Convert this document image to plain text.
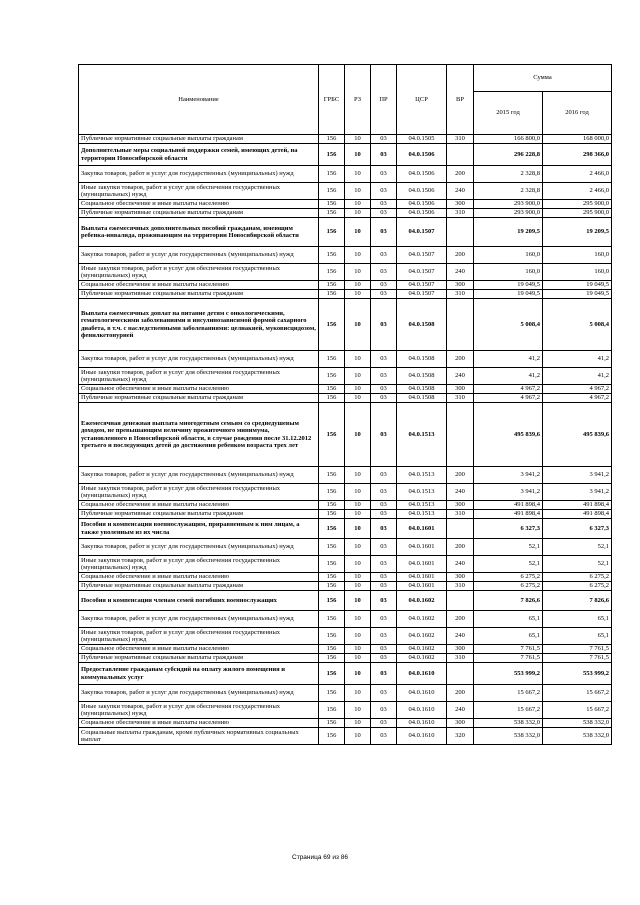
Наименование	ГРБС	РЗ	ПР	ЦСР	ВР	Сумма	
						2015 год	2016 год
Публичные нормативные социальные выплаты гражданам	156	10	03	04.0.1505	310	166 800,0	168 000,0
Дополнительные меры социальной поддержки семей, имеющих детей, на территории Новосибирской области	156	10	03	04.0.1506		296 228,8	298 366,0
Закупка товаров, работ и услуг для государственных (муниципальных) нужд	156	10	03	04.0.1506	200	2 328,8	2 466,0
Иные закупки товаров, работ и услуг для обеспечения государственных (муниципальных) нужд	156	10	03	04.0.1506	240	2 328,8	2 466,0
Социальное обеспечение и иные выплаты населению	156	10	03	04.0.1506	300	293 900,0	295 900,0
Публичные нормативные социальные выплаты гражданам	156	10	03	04.0.1506	310	293 900,0	295 900,0
Выплата ежемесячных дополнительных пособий гражданам, имеющим ребенка-инвалида, проживающим на территории Новосибирской области	156	10	03	04.0.1507		19 209,5	19 209,5
Закупка товаров, работ и услуг для государственных (муниципальных) нужд	156	10	03	04.0.1507	200	160,0	160,0
Иные закупки товаров, работ и услуг для обеспечения государственных (муниципальных) нужд	156	10	03	04.0.1507	240	160,0	160,0
Социальное обеспечение и иные выплаты населению	156	10	03	04.0.1507	300	19 049,5	19 049,5
Публичные нормативные социальные выплаты гражданам	156	10	03	04.0.1507	310	19 049,5	19 049,5
Выплата ежемесячных доплат на питание детям с онкологическими, гематологическими заболеваниями и инсулинозависимой формой сахарного диабета, в т.ч. с наследственными заболеваниями: целиакией, муковисцидозом, фенилкетонурией	156	10	03	04.0.1508		5 008,4	5 008,4
Закупка товаров, работ и услуг для государственных (муниципальных) нужд	156	10	03	04.0.1508	200	41,2	41,2
Иные закупки товаров, работ и услуг для обеспечения государственных (муниципальных) нужд	156	10	03	04.0.1508	240	41,2	41,2
Социальное обеспечение и иные выплаты населению	156	10	03	04.0.1508	300	4 967,2	4 967,2
Публичные нормативные социальные выплаты гражданам	156	10	03	04.0.1508	310	4 967,2	4 967,2
Ежемесячная денежная выплата многодетным семьям со среднедушевым доходом, не превышающим величину прожиточного минимума, установленного в Новосибирской области, в случае рождения после 31.12.2012 третьего и последующих детей до достижения ребенком возраста трех лет	156	10	03	04.0.1513		495 839,6	495 839,6
Закупка товаров, работ и услуг для государственных (муниципальных) нужд	156	10	03	04.0.1513	200	3 941,2	3 941,2
Иные закупки товаров, работ и услуг для обеспечения государственных (муниципальных) нужд	156	10	03	04.0.1513	240	3 941,2	3 941,2
Социальное обеспечение и иные выплаты населению	156	10	03	04.0.1513	300	491 898,4	491 898,4
Публичные нормативные социальные выплаты гражданам	156	10	03	04.0.1513	310	491 898,4	491 898,4
Пособия и компенсации военнослужащим, приравненным к ним лицам, а также уволенным из их числа	156	10	03	04.0.1601		6 327,3	6 327,3
Закупка товаров, работ и услуг для государственных (муниципальных) нужд	156	10	03	04.0.1601	200	52,1	52,1
Иные закупки товаров, работ и услуг для обеспечения государственных (муниципальных) нужд	156	10	03	04.0.1601	240	52,1	52,1
Социальное обеспечение и иные выплаты населению	156	10	03	04.0.1601	300	6 275,2	6 275,2
Публичные нормативные социальные выплаты гражданам	156	10	03	04.0.1601	310	6 275,2	6 275,2
Пособия и компенсации членам семей погибших военнослужащих	156	10	03	04.0.1602		7 826,6	7 826,6
Закупка товаров, работ и услуг для государственных (муниципальных) нужд	156	10	03	04.0.1602	200	65,1	65,1
Иные закупки товаров, работ и услуг для обеспечения государственных (муниципальных) нужд	156	10	03	04.0.1602	240	65,1	65,1
Социальное обеспечение и иные выплаты населению	156	10	03	04.0.1602	300	7 761,5	7 761,5
Публичные нормативные социальные выплаты гражданам	156	10	03	04.0.1602	310	7 761,5	7 761,5
Предоставление гражданам субсидий на оплату жилого помещения и коммунальных услуг	156	10	03	04.0.1610		553 999,2	553 999,2
Закупка товаров, работ и услуг для государственных (муниципальных) нужд	156	10	03	04.0.1610	200	15 667,2	15 667,2
Иные закупки товаров, работ и услуг для обеспечения государственных (муниципальных) нужд	156	10	03	04.0.1610	240	15 667,2	15 667,2
Социальное обеспечение и иные выплаты населению	156	10	03	04.0.1610	300	538 332,0	538 332,0
Социальные выплаты гражданам, кроме публичных нормативных социальных выплат	156	10	03	04.0.1610	320	538 332,0	538 332,0
Страница 69 из 86
